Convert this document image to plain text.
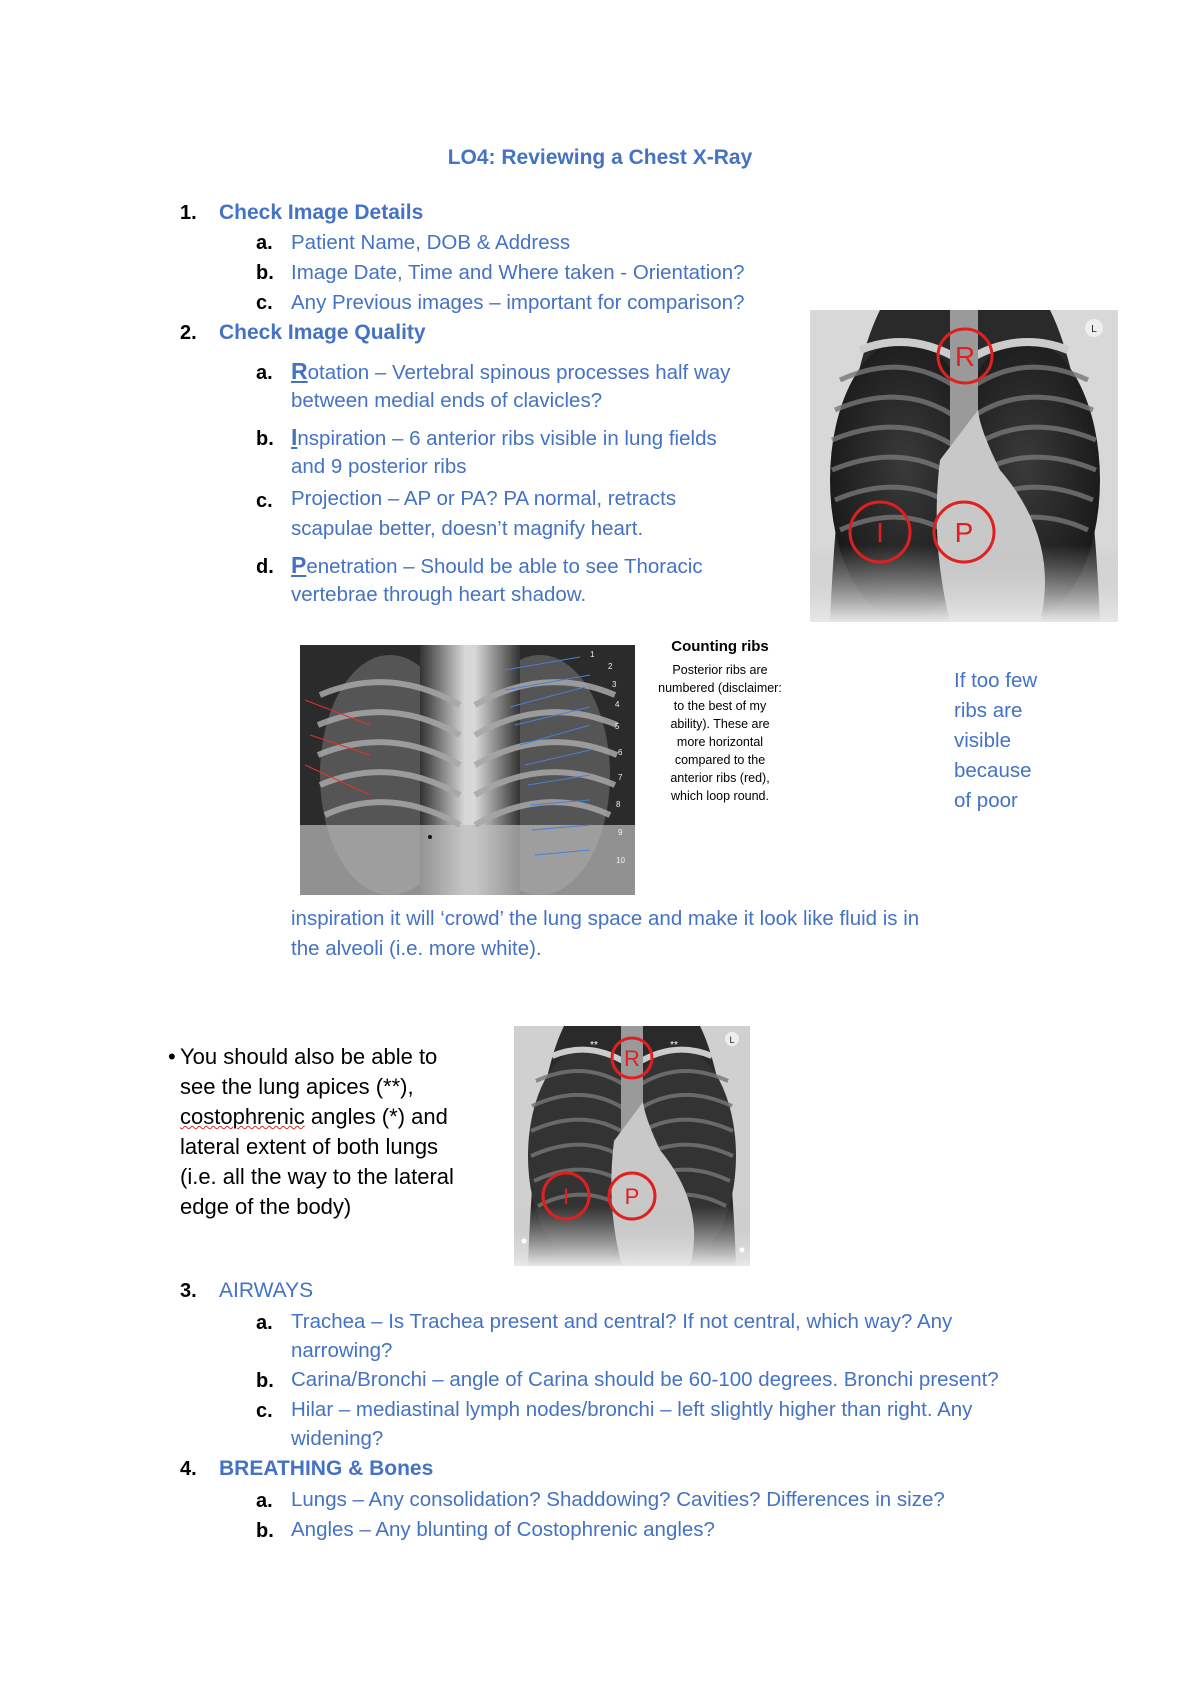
LO4: Reviewing a Chest X-Ray
1. Check Image Details
a. Patient Name, DOB & Address
b. Image Date, Time and Where taken - Orientation?
c. Any Previous images – important for comparison?
2. Check Image Quality
a. Rotation – Vertebral spinous processes half way
between medial ends of clavicles?
b. Inspiration – 6 anterior ribs visible in lung fields
and 9 posterior ribs
c. Projection – AP or PA? PA normal, retracts
scapulae better, doesn’t magnify heart.
d. Penetration – Should be able to see Thoracic
vertebrae through heart shadow.
L
R
I	P
1
2
3
4
5
6
7
8
9
10
Counting ribs
Posterior ribs are
numbered (disclaimer:
to the best of my
ability). These are
more horizontal
compared to the
anterior ribs (red),
which loop round.
If too few
ribs are
visible
because
of poor
inspiration it will ‘crowd’ the lung space and make it look like fluid is in
the alveoli (i.e. more white).
• You should also be able to
see the lung apices (**),
costophrenic angles (*) and
lateral extent of both lungs
(i.e. all the way to the lateral
edge of the body)
L
**	**
R
I	P
3. AIRWAYS
a. Trachea – Is Trachea present and central? If not central, which way? Any
narrowing?
b. Carina/Bronchi – angle of Carina should be 60-100 degrees. Bronchi present?
c. Hilar – mediastinal lymph nodes/bronchi – left slightly higher than right. Any
widening?
4. BREATHING & Bones
a. Lungs – Any consolidation? Shaddowing? Cavities? Differences in size?
b. Angles – Any blunting of Costophrenic angles?
